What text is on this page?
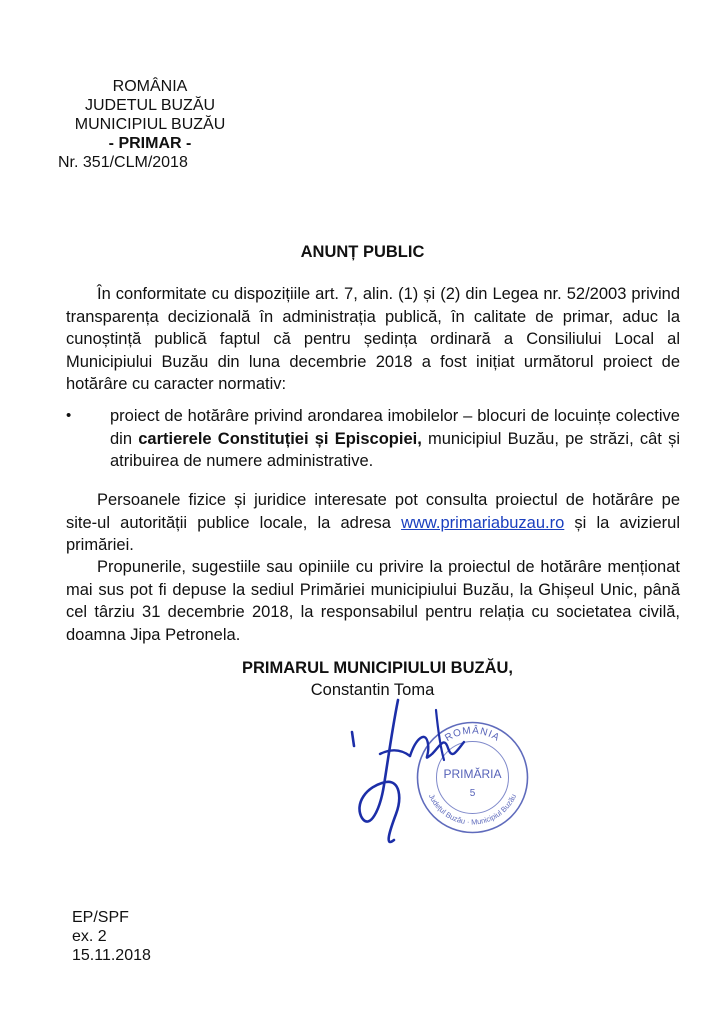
ROMÂNIA
JUDETUL BUZĂU
MUNICIPIUL BUZĂU
- PRIMAR -
Nr. 351/CLM/2018
ANUNȚ PUBLIC

În conformitate cu dispozițiile art. 7, alin. (1) și (2) din Legea nr. 52/2003 privind transparența decizională în administrația publică, în calitate de primar, aduc la cunoștință publică faptul că pentru ședința ordinară a Consiliului Local al Municipiului Buzău din luna decembrie 2018 a fost inițiat următorul proiect de hotărâre cu caracter normativ:

• proiect de hotărâre privind arondarea imobilelor – blocuri de locuințe colective din cartierele Constituției și Episcopiei, municipiul Buzău, pe străzi, cât și atribuirea de numere administrative.

Persoanele fizice și juridice interesate pot consulta proiectul de hotărâre pe site-ul autorității publice locale, la adresa www.primariabuzau.ro și la avizierul primăriei.

Propunerile, sugestiile sau opiniile cu privire la proiectul de hotărâre menționat mai sus pot fi depuse la sediul Primăriei municipiului Buzău, la Ghișeul Unic, până cel târziu 31 decembrie 2018, la responsabilul pentru relația cu societatea civilă, doamna Jipa Petronela.

PRIMARUL MUNICIPIULUI BUZĂU,
Constantin Toma
ROMÂNIA
Județul Buzău · Municipiul Buzău
PRIMĂRIA
5
EP/SPF
ex. 2
15.11.2018
